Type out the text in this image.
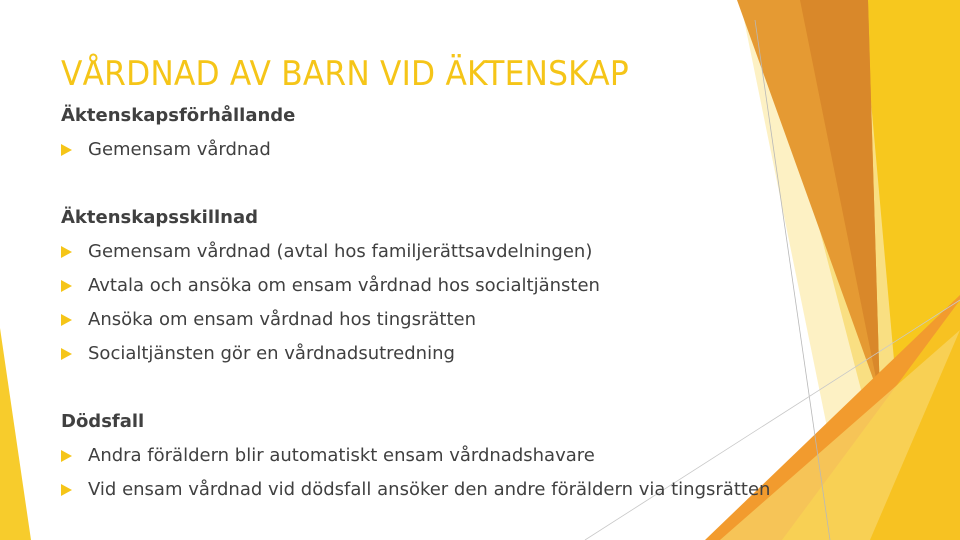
VÅRDNAD AV BARN VID ÄKTENSKAP
Äktenskapsförhållande
Gemensam vårdnad
Äktenskapsskillnad
Gemensam vårdnad (avtal hos familjerättsavdelningen)
Avtala och ansöka om ensam vårdnad hos socialtjänsten
Ansöka om ensam vårdnad hos tingsrätten
Socialtjänsten gör en vårdnadsutredning
Dödsfall
Andra föräldern blir automatiskt ensam vårdnadshavare
Vid ensam vårdnad vid dödsfall ansöker den andre föräldern via tingsrätten
